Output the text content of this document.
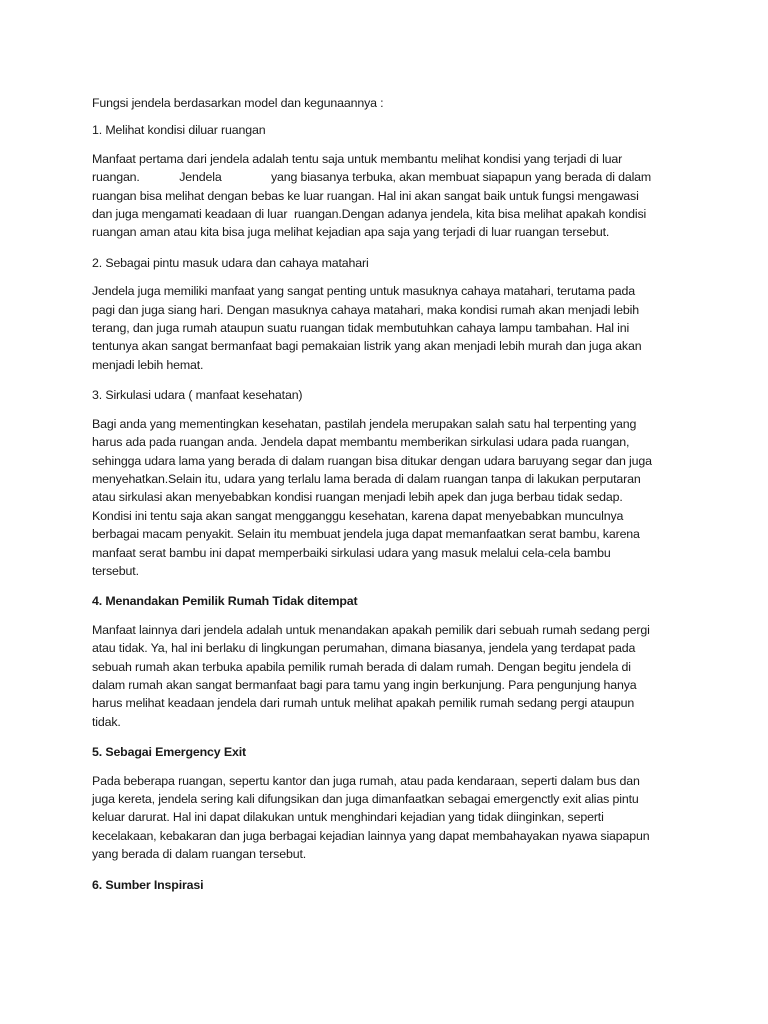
Fungsi jendela berdasarkan model dan kegunaannya :
1. Melihat kondisi diluar ruangan
Manfaat pertama dari jendela adalah tentu saja untuk membantu melihat kondisi yang terjadi di luar
ruangan.            Jendela               yang biasanya terbuka, akan membuat siapapun yang berada di dalam
ruangan bisa melihat dengan bebas ke luar ruangan. Hal ini akan sangat baik untuk fungsi mengawasi
dan juga mengamati keadaan di luar  ruangan.Dengan adanya jendela, kita bisa melihat apakah kondisi
ruangan aman atau kita bisa juga melihat kejadian apa saja yang terjadi di luar ruangan tersebut.
2. Sebagai pintu masuk udara dan cahaya matahari
Jendela juga memiliki manfaat yang sangat penting untuk masuknya cahaya matahari, terutama pada
pagi dan juga siang hari. Dengan masuknya cahaya matahari, maka kondisi rumah akan menjadi lebih
terang, dan juga rumah ataupun suatu ruangan tidak membutuhkan cahaya lampu tambahan. Hal ini
tentunya akan sangat bermanfaat bagi pemakaian listrik yang akan menjadi lebih murah dan juga akan
menjadi lebih hemat.
3. Sirkulasi udara ( manfaat kesehatan)
Bagi anda yang mementingkan kesehatan, pastilah jendela merupakan salah satu hal terpenting yang
harus ada pada ruangan anda. Jendela dapat membantu memberikan sirkulasi udara pada ruangan,
sehingga udara lama yang berada di dalam ruangan bisa ditukar dengan udara baruyang segar dan juga
menyehatkan.Selain itu, udara yang terlalu lama berada di dalam ruangan tanpa di lakukan perputaran
atau sirkulasi akan menyebabkan kondisi ruangan menjadi lebih apek dan juga berbau tidak sedap.
Kondisi ini tentu saja akan sangat mengganggu kesehatan, karena dapat menyebabkan munculnya
berbagai macam penyakit. Selain itu membuat jendela juga dapat memanfaatkan serat bambu, karena
manfaat serat bambu ini dapat memperbaiki sirkulasi udara yang masuk melalui cela-cela bambu
tersebut.
4. Menandakan Pemilik Rumah Tidak ditempat
Manfaat lainnya dari jendela adalah untuk menandakan apakah pemilik dari sebuah rumah sedang pergi
atau tidak. Ya, hal ini berlaku di lingkungan perumahan, dimana biasanya, jendela yang terdapat pada
sebuah rumah akan terbuka apabila pemilik rumah berada di dalam rumah. Dengan begitu jendela di
dalam rumah akan sangat bermanfaat bagi para tamu yang ingin berkunjung. Para pengunjung hanya
harus melihat keadaan jendela dari rumah untuk melihat apakah pemilik rumah sedang pergi ataupun
tidak.
5. Sebagai Emergency Exit
Pada beberapa ruangan, sepertu kantor dan juga rumah, atau pada kendaraan, seperti dalam bus dan
juga kereta, jendela sering kali difungsikan dan juga dimanfaatkan sebagai emergenctly exit alias pintu
keluar darurat. Hal ini dapat dilakukan untuk menghindari kejadian yang tidak diinginkan, seperti
kecelakaan, kebakaran dan juga berbagai kejadian lainnya yang dapat membahayakan nyawa siapapun
yang berada di dalam ruangan tersebut.
6. Sumber Inspirasi
